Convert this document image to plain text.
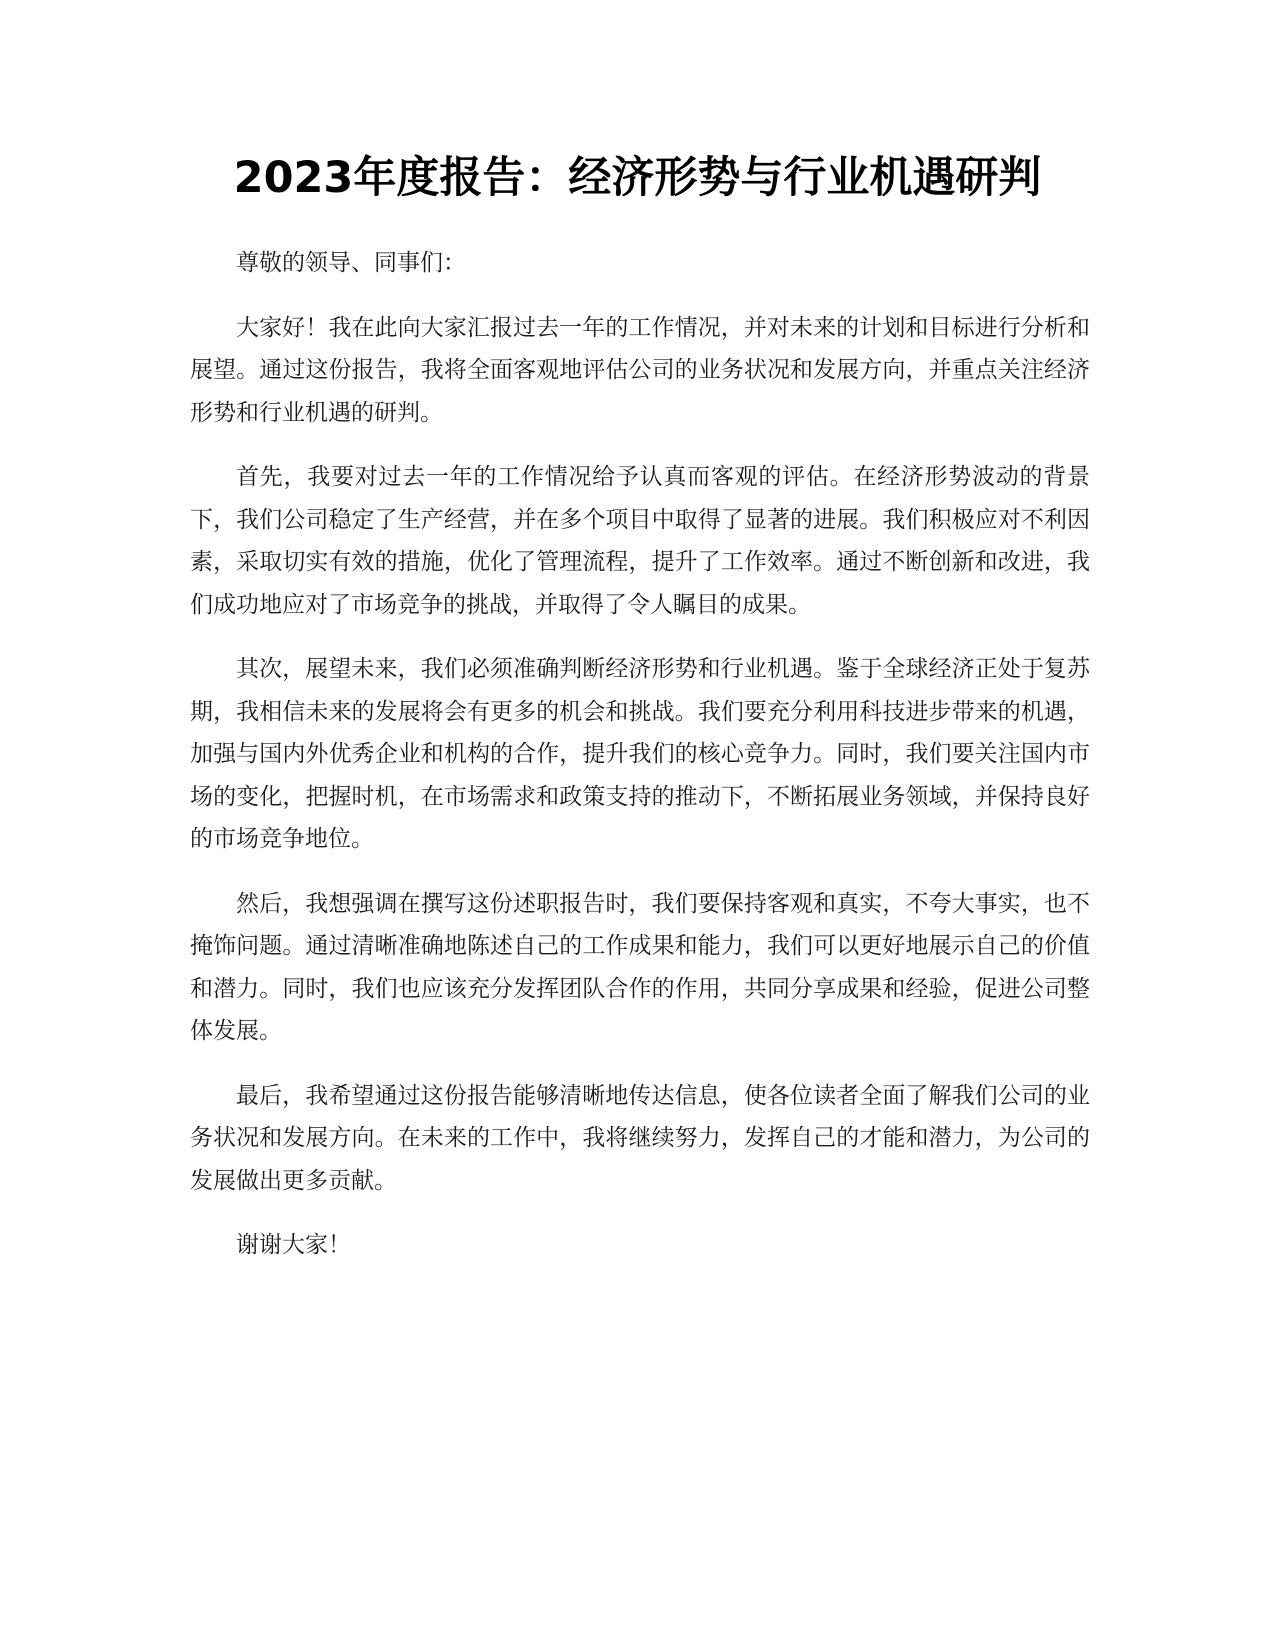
2023年度报告：经济形势与行业机遇研判

尊敬的领导、同事们：

大家好！我在此向大家汇报过去一年的工作情况，并对未来的计划和目标进行分析和展望。通过这份报告，我将全面客观地评估公司的业务状况和发展方向，并重点关注经济形势和行业机遇的研判。

首先，我要对过去一年的工作情况给予认真而客观的评估。在经济形势波动的背景下，我们公司稳定了生产经营，并在多个项目中取得了显著的进展。我们积极应对不利因素，采取切实有效的措施，优化了管理流程，提升了工作效率。通过不断创新和改进，我们成功地应对了市场竞争的挑战，并取得了令人瞩目的成果。

其次，展望未来，我们必须准确判断经济形势和行业机遇。鉴于全球经济正处于复苏期，我相信未来的发展将会有更多的机会和挑战。我们要充分利用科技进步带来的机遇，加强与国内外优秀企业和机构的合作，提升我们的核心竞争力。同时，我们要关注国内市场的变化，把握时机，在市场需求和政策支持的推动下，不断拓展业务领域，并保持良好的市场竞争地位。

然后，我想强调在撰写这份述职报告时，我们要保持客观和真实，不夸大事实，也不掩饰问题。通过清晰准确地陈述自己的工作成果和能力，我们可以更好地展示自己的价值和潜力。同时，我们也应该充分发挥团队合作的作用，共同分享成果和经验，促进公司整体发展。

最后，我希望通过这份报告能够清晰地传达信息，使各位读者全面了解我们公司的业务状况和发展方向。在未来的工作中，我将继续努力，发挥自己的才能和潜力，为公司的发展做出更多贡献。

谢谢大家！
